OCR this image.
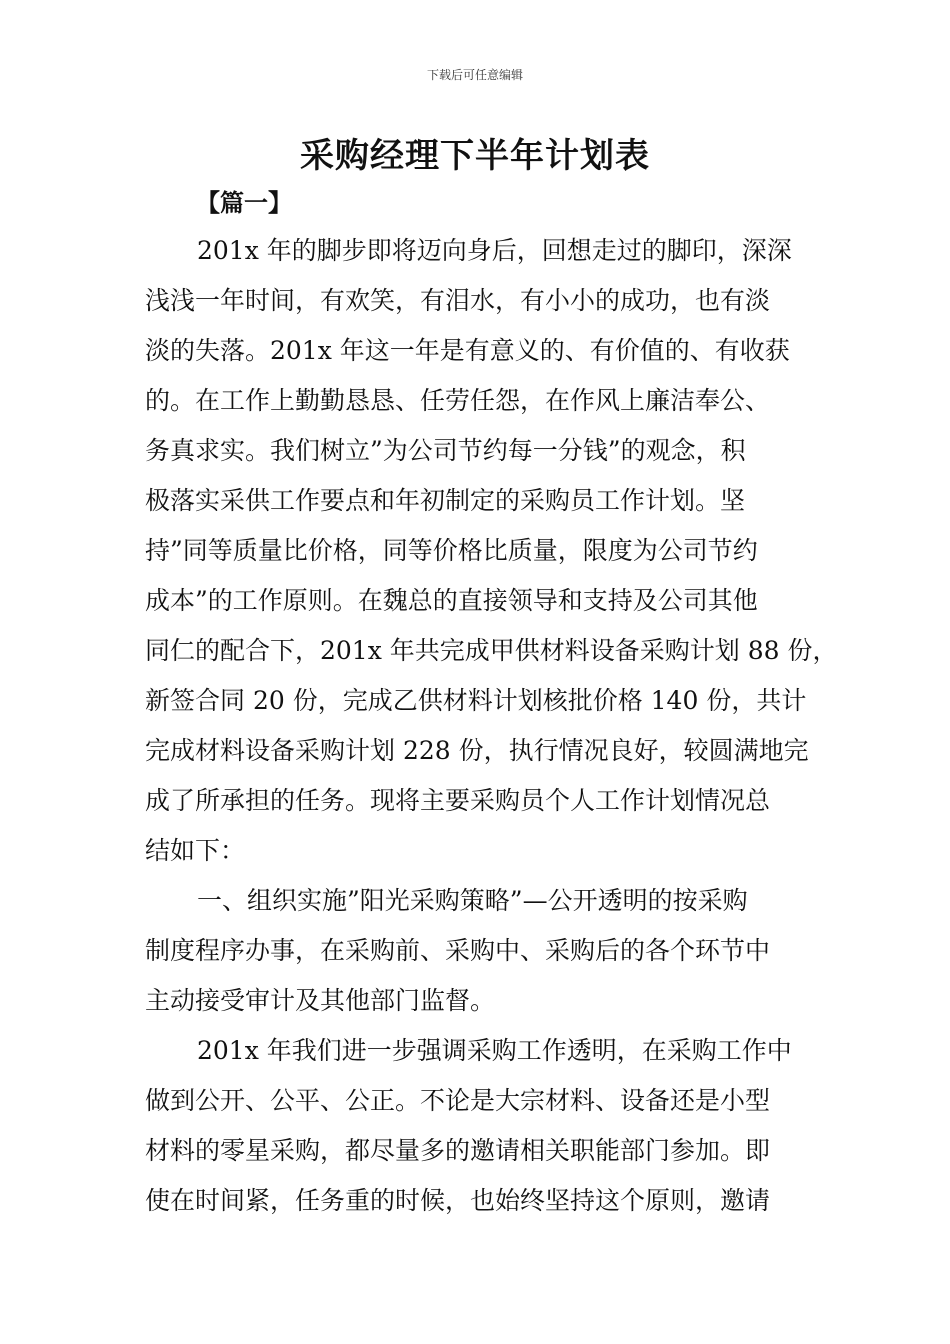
下载后可任意编辑
采购经理下半年计划表
【篇一】
201x 年的脚步即将迈向身后，回想走过的脚印，深深
浅浅一年时间，有欢笑，有泪水，有小小的成功，也有淡
淡的失落。201x 年这一年是有意义的、有价值的、有收获
的。在工作上勤勤恳恳、任劳任怨，在作风上廉洁奉公、
务真求实。我们树立”为公司节约每一分钱”的观念，积
极落实采供工作要点和年初制定的采购员工作计划。坚
持”同等质量比价格，同等价格比质量，限度为公司节约
成本”的工作原则。在魏总的直接领导和支持及公司其他
同仁的配合下，201x 年共完成甲供材料设备采购计划 88 份，
新签合同 20 份，完成乙供材料计划核批价格 140 份，共计
完成材料设备采购计划 228 份，执行情况良好，较圆满地完
成了所承担的任务。现将主要采购员个人工作计划情况总
结如下：
一、组织实施”阳光采购策略”—公开透明的按采购
制度程序办事，在采购前、采购中、采购后的各个环节中
主动接受审计及其他部门监督。
201x 年我们进一步强调采购工作透明，在采购工作中
做到公开、公平、公正。不论是大宗材料、设备还是小型
材料的零星采购，都尽量多的邀请相关职能部门参加。即
使在时间紧，任务重的时候，也始终坚持这个原则，邀请
